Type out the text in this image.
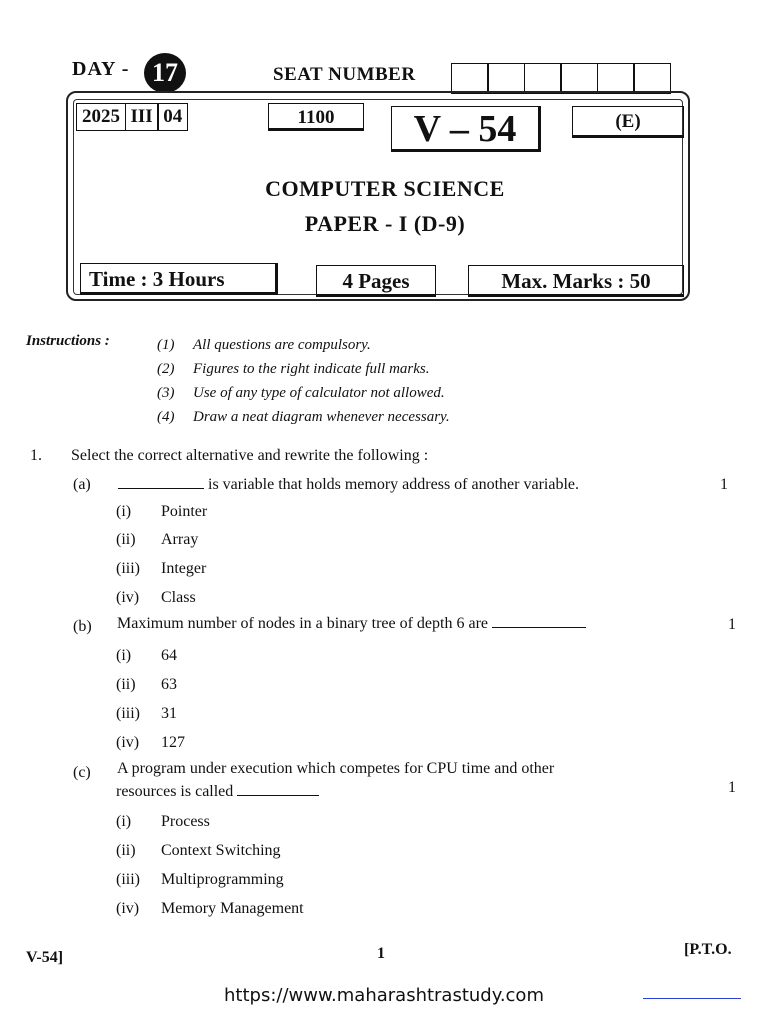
DAY - 17	SEAT NUMBER
2025 III 04	1100	V – 54	(E)
COMPUTER SCIENCE
PAPER - I (D-9)
Time : 3 Hours	4 Pages	Max. Marks : 50
Instructions :	(1) All questions are compulsory.
(2) Figures to the right indicate full marks.
(3) Use of any type of calculator not allowed.
(4) Draw a neat diagram whenever necessary.
1. Select the correct alternative and rewrite the following :
(a)	is variable that holds memory address of another variable.	1
(i) Pointer
(ii) Array
(iii) Integer
(iv) Class
(b) Maximum number of nodes in a binary tree of depth 6 are	1
(i) 64
(ii) 63
(iii) 31
(iv) 127
(c) A program under execution which competes for CPU time and other
resources is called	1
(i) Process
(ii) Context Switching
(iii) Multiprogramming
(iv) Memory Management
V-54]	1	[P.T.O.
https://www.maharashtrastudy.com
